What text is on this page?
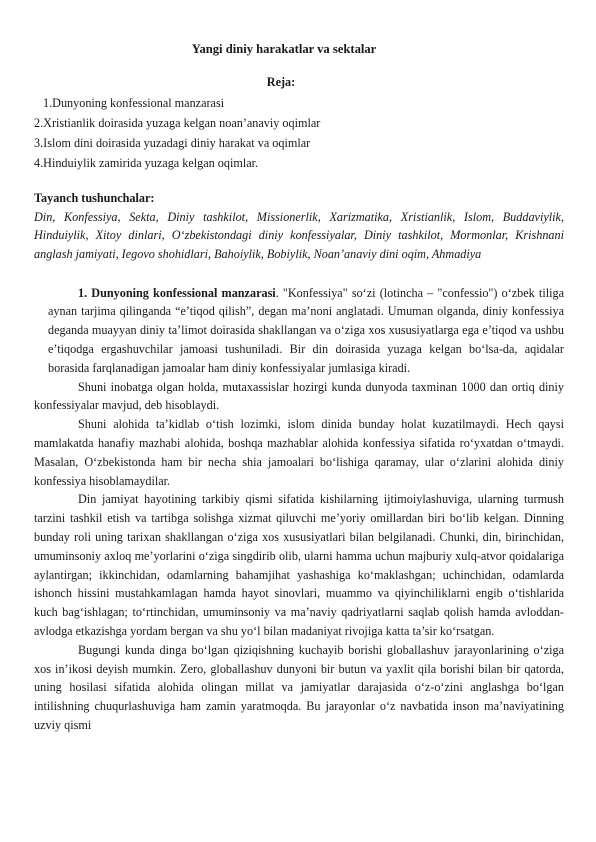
Yangi diniy harakatlar va sektalar
Reja:
1.Dunyoning konfessional manzarasi
2.Xristianlik doirasida yuzaga kelgan noan’anaviy oqimlar
3.Islom dini doirasida yuzadagi diniy harakat va oqimlar
4.Hinduiylik zamirida yuzaga kelgan oqimlar.
Tayanch tushunchalar:
Din, Konfessiya, Sekta, Diniy tashkilot, Missionerlik, Xarizmatika, Xristianlik, Islom, Buddaviylik, Hinduiylik, Xitoy dinlari, O‘zbekistondagi diniy konfessiyalar, Diniy tashkilot, Mormonlar, Krishnani anglash jamiyati, Iegovo shohidlari, Bahoiylik, Bobiylik, Noan’anaviy dini oqim, Ahmadiya
1. Dunyoning konfessional manzarasi. "Konfessiya" so‘zi (lotincha – "confessio") o‘zbek tiliga aynan tarjima qilinganda “e’tiqod qilish”, degan ma’noni anglatadi. Umuman olganda, diniy konfessiya deganda muayyan diniy ta’limot doirasida shakllangan va o‘ziga xos xususiyatlarga ega e’tiqod va ushbu e’tiqodga ergashuvchilar jamoasi tushuniladi. Bir din doirasida yuzaga kelgan bo‘lsa-da, aqidalar borasida farqlanadigan jamoalar ham diniy konfessiyalar jumlasiga kiradi.

Shuni inobatga olgan holda, mutaxassislar hozirgi kunda dunyoda taxminan 1000 dan ortiq diniy konfessiyalar mavjud, deb hisoblaydi.

Shuni alohida ta’kidlab o‘tish lozimki, islom dinida bunday holat kuzatilmaydi. Hech qaysi mamlakatda hanafiy mazhabi alohida, boshqa mazhablar alohida konfessiya sifatida ro‘yxatdan o‘tmaydi. Masalan, O‘zbekistonda ham bir necha shia jamoalari bo‘lishiga qaramay, ular o‘zlarini alohida diniy konfessiya hisoblamaydilar.

Din jamiyat hayotining tarkibiy qismi sifatida kishilarning ijtimoiylashuviga, ularning turmush tarzini tashkil etish va tartibga solishga xizmat qiluvchi me’yoriy omillardan biri bo‘lib kelgan. Dinning bunday roli uning tarixan shakllangan o‘ziga xos xususiyatlari bilan belgilanadi. Chunki, din, birinchidan, umuminsoniy axloq me’yorlarini o‘ziga singdirib olib, ularni hamma uchun majburiy xulq-atvor qoidalariga aylantirgan; ikkinchidan, odamlarning bahamjihat yashashiga ko‘maklashgan; uchinchidan, odamlarda ishonch hissini mustahkamlagan hamda hayot sinovlari, muammo va qiyinchiliklarni engib o‘tishlarida kuch bag‘ishlagan; to‘rtinchidan, umuminsoniy va ma’naviy qadriyatlarni saqlab qolish hamda avloddan- avlodga etkazishga yordam bergan va shu yo‘l bilan madaniyat rivojiga katta ta’sir ko‘rsatgan.

Bugungi kunda dinga bo‘lgan qiziqishning kuchayib borishi globallashuv jarayonlarining o‘ziga xos in’ikosi deyish mumkin. Zero, globallashuv dunyoni bir butun va yaxlit qila borishi bilan bir qatorda, uning hosilasi sifatida alohida olingan millat va jamiyatlar darajasida o‘z-o‘zini anglashga bo‘lgan intilishning chuqurlashuviga ham zamin yaratmoqda. Bu jarayonlar o‘z navbatida inson ma’naviyatining uzviy qismi
